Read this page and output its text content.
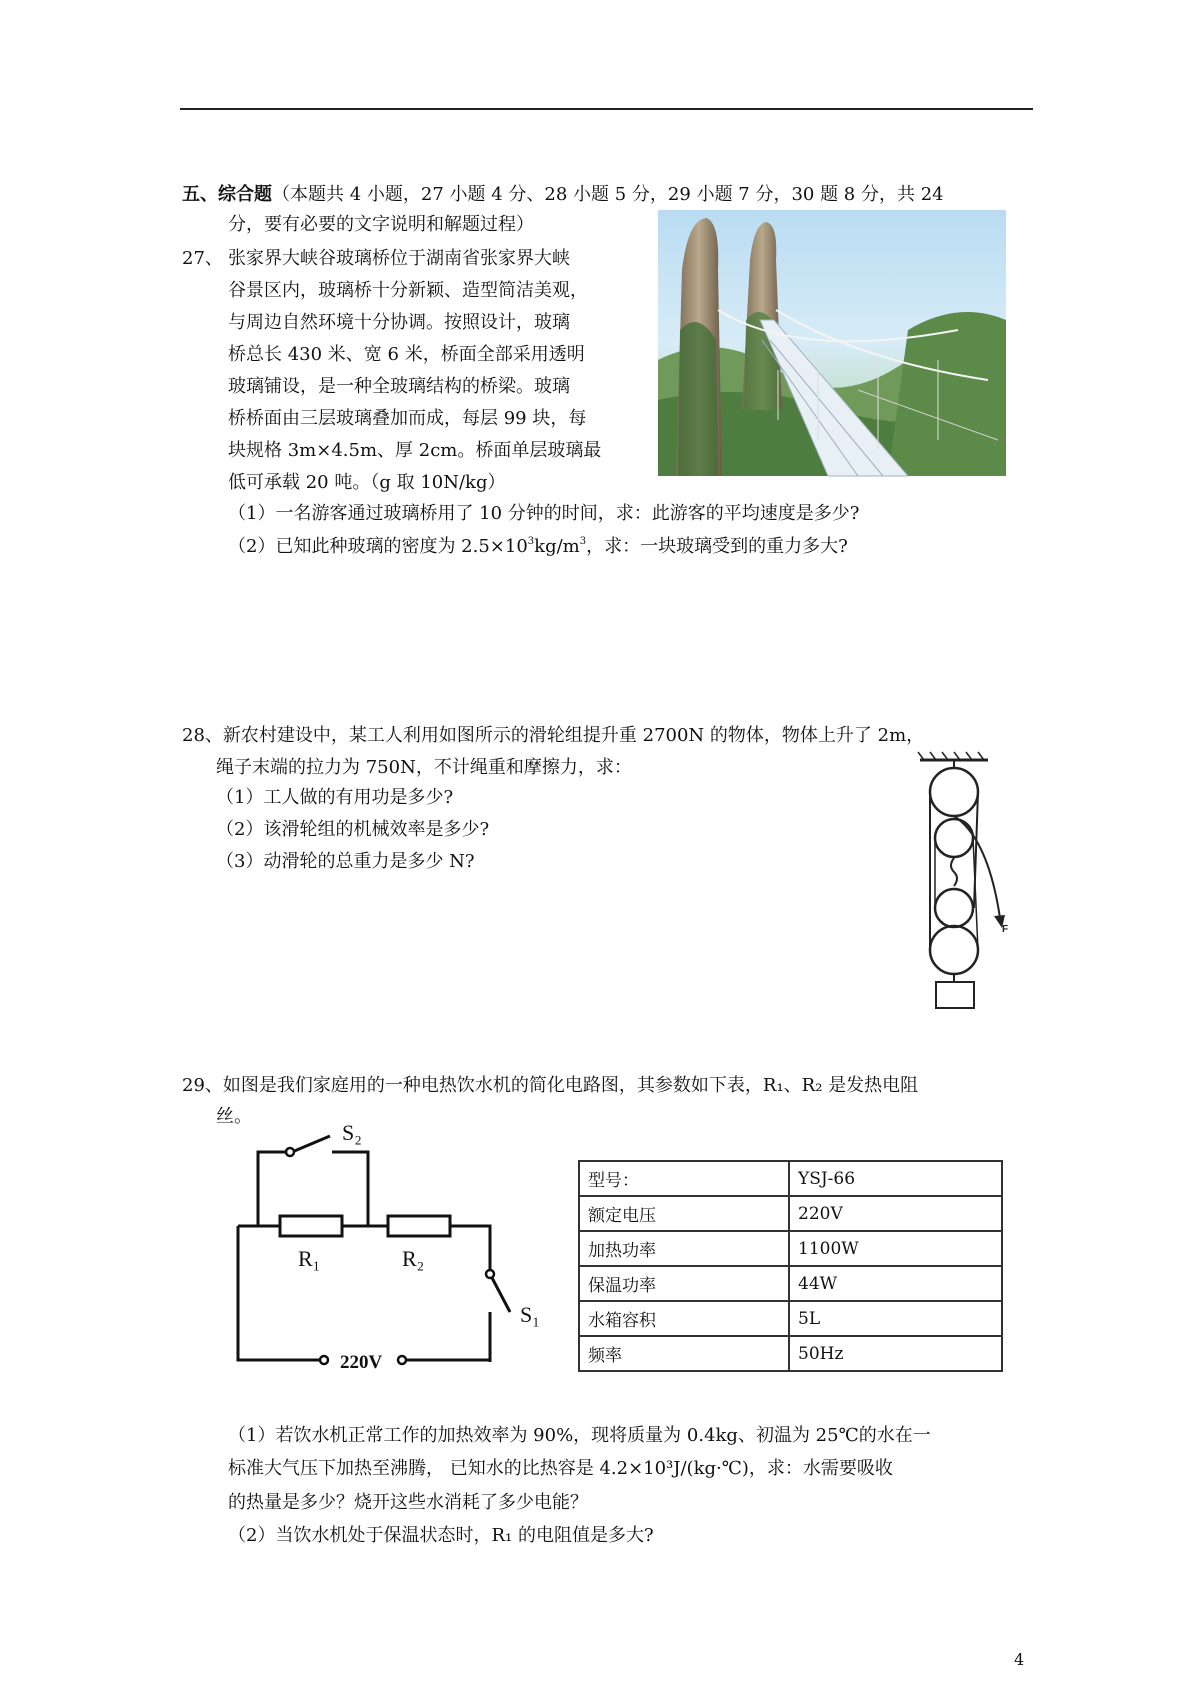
五、综合题（本题共 4 小题，27 小题 4 分、28 小题 5 分，29 小题 7 分，30 题 8 分，共 24
分，要有必要的文字说明和解题过程）
27、 张家界大峡谷玻璃桥位于湖南省张家界大峡
谷景区内，玻璃桥十分新颖、造型简洁美观，
与周边自然环境十分协调。按照设计，玻璃
桥总长 430 米、宽 6 米，桥面全部采用透明
玻璃铺设，是一种全玻璃结构的桥梁。玻璃
桥桥面由三层玻璃叠加而成，每层 99 块，每
块规格 3m×4.5m、厚 2cm。桥面单层玻璃最
低可承载 20 吨。（g 取 10N/kg）
（1）一名游客通过玻璃桥用了 10 分钟的时间，求：此游客的平均速度是多少?
（2）已知此种玻璃的密度为 $2.5\times 10^3kg/m^3$，求：一块玻璃受到的重力多大?
28、新农村建设中，某工人利用如图所示的滑轮组提升重 2700N 的物体，物体上升了 2m，
绳子末端的拉力为 750N，不计绳重和摩擦力，求：
（1）工人做的有用功是多少?
（2）该滑轮组的机械效率是多少?
（3）动滑轮的总重力是多少 N?
F
29、如图是我们家庭用的一种电热饮水机的简化电路图，其参数如下表，R₁、R₂ 是发热电阻
丝。
S₂
R₁	R₂
S₁
220V
型号：	YSJ-66
额定电压	220V
加热功率	1100W
保温功率	44W
水箱容积	5L
频率	50Hz
（1）若饮水机正常工作的加热效率为 90%，现将质量为 0.4kg、初温为 25℃的水在一
标准大气压下加热至沸腾， 已知水的比热容是 4.2×10³J/(kg·℃)，求：水需要吸收
的热量是多少？烧开这些水消耗了多少电能？
（2）当饮水机处于保温状态时，R₁ 的电阻值是多大?
4
